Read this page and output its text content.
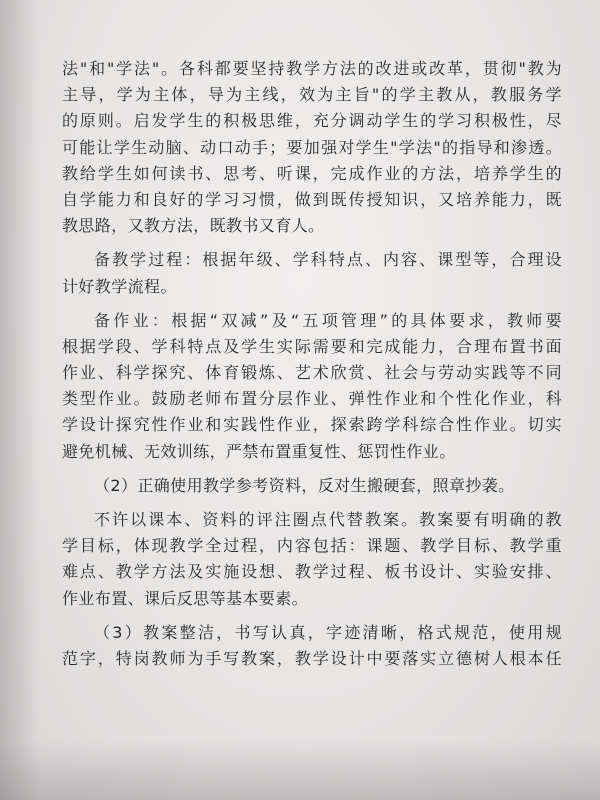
法"和"学法"。各科都要坚持教学方法的改进或改革，贯彻"教为
主导，学为主体，导为主线，效为主旨"的学主教从，教服务学
的原则。启发学生的积极思维，充分调动学生的学习积极性，尽
可能让学生动脑、动口动手；要加强对学生"学法"的指导和渗透。
教给学生如何读书、思考、听课，完成作业的方法，培养学生的
自学能力和良好的学习习惯，做到既传授知识，又培养能力，既
教思路，又教方法，既教书又育人。
备教学过程：根据年级、学科特点、内容、课型等，合理设
计好教学流程。
备作业：根据“双减”及“五项管理”的具体要求，教师要
根据学段、学科特点及学生实际需要和完成能力，合理布置书面
作业、科学探究、体育锻炼、艺术欣赏、社会与劳动实践等不同
类型作业。鼓励老师布置分层作业、弹性作业和个性化作业，科
学设计探究性作业和实践性作业，探索跨学科综合性作业。切实
避免机械、无效训练，严禁布置重复性、惩罚性作业。
（2）正确使用教学参考资料，反对生搬硬套，照章抄袭。
不许以课本、资料的评注圈点代替教案。教案要有明确的教
学目标，体现教学全过程，内容包括：课题、教学目标、教学重
难点、教学方法及实施设想、教学过程、板书设计、实验安排、
作业布置、课后反思等基本要素。
（3）教案整洁，书写认真，字迹清晰，格式规范，使用规
范字，特岗教师为手写教案，教学设计中要落实立德树人根本任
